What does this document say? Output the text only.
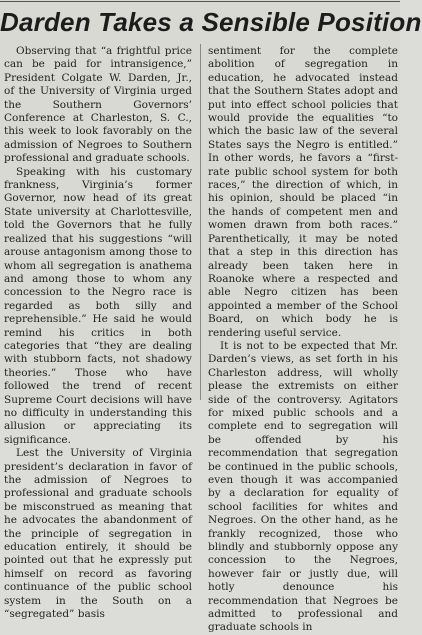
Darden Takes a Sensible Position

Observing that “a frightful price can be paid for intransigence,” President Colgate W. Darden, Jr., of the University of Virginia urged the Southern Governors’ Conference at Charleston, S. C., this week to look favorably on the admission of Negroes to Southern professional and graduate schools.

Speaking with his customary frankness, Virginia’s former Governor, now head of its great State university at Charlottesville, told the Governors that he fully realized that his suggestions “will arouse antagonism among those to whom all segregation is anathema and among those to whom any concession to the Negro race is regarded as both silly and reprehensible.” He said he would remind his critics in both categories that “they are dealing with stubborn facts, not shadowy theories.” Those who have followed the trend of recent Supreme Court decisions will have no difficulty in understanding this allusion or appreciating its significance.

Lest the University of Virginia president’s declaration in favor of the admission of Negroes to professional and graduate schools be misconstrued as meaning that he advocates the abandonment of the principle of segregation in education entirely, it should be pointed out that he expressly put himself on record as favoring continuance of the public school system in the South on a “segregated” basis

sentiment for the complete abolition of segregation in education, he advocated instead that the Southern States adopt and put into effect school policies that would provide the equalities “to which the basic law of the several States says the Negro is entitled.” In other words, he favors a “first-rate public school system for both races,” the direction of which, in his opinion, should be placed “in the hands of competent men and women drawn from both races.” Parenthetically, it may be noted that a step in this direction has already been taken here in Roanoke where a respected and able Negro citizen has been appointed a member of the School Board, on which body he is rendering useful service.

It is not to be expected that Mr. Darden’s views, as set forth in his Charleston address, will wholly please the extremists on either side of the controversy. Agitators for mixed public schools and a complete end to segregation will be offended by his recommendation that segregation be continued in the public schools, even though it was accompanied by a declaration for equality of school facilities for whites and Negroes. On the other hand, as he frankly recognized, those who blindly and stubbornly oppose any concession to the Negroes, however fair or justly due, will hotly denounce his recommendation that Negroes be admitted to professional and graduate schools in
